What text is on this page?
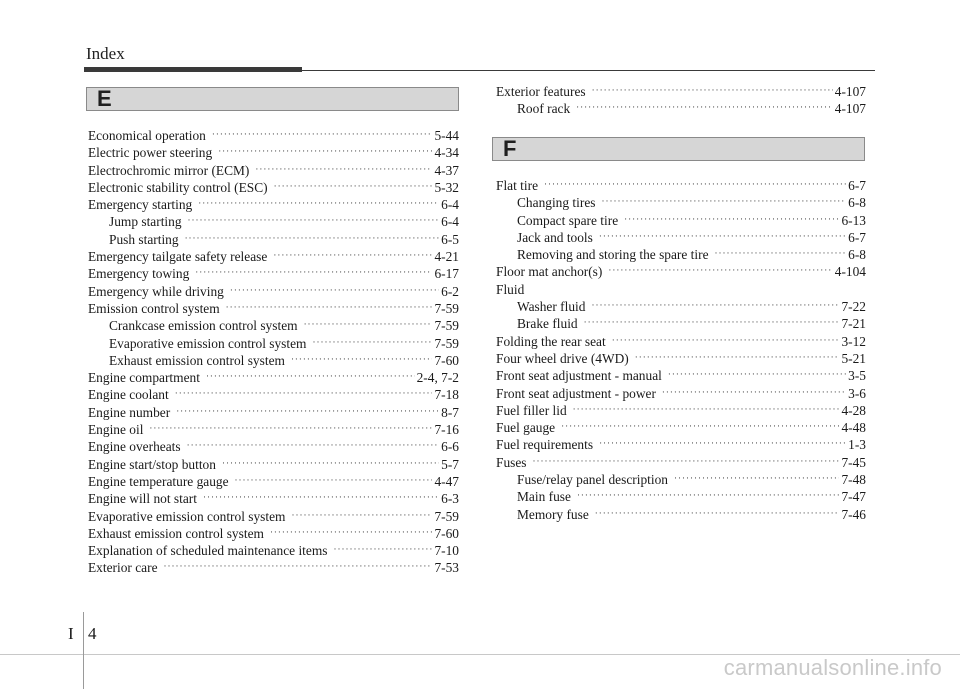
Index
E
Economical operation ·····	5-44
Electric power steering ·····	4-34
Electrochromic mirror (ECM) ·····	4-37
Electronic stability control (ESC) ·····	5-32
Emergency starting ·····	6-4
Jump starting ·····	6-4
Push starting ·····	6-5
Emergency tailgate safety release ·····	4-21
Emergency towing ·····	6-17
Emergency while driving ·····	6-2
Emission control system ·····	7-59
Crankcase emission control system ·····	7-59
Evaporative emission control system ·····	7-59
Exhaust emission control system ·····	7-60
Engine compartment ·····	2-4, 7-2
Engine coolant ·····	7-18
Engine number ·····	8-7
Engine oil ·····	7-16
Engine overheats ·····	6-6
Engine start/stop button ·····	5-7
Engine temperature gauge ·····	4-47
Engine will not start ·····	6-3
Evaporative emission control system ·····	7-59
Exhaust emission control system ·····	7-60
Explanation of scheduled maintenance items ·····	7-10
Exterior care ·····	7-53
Exterior features ·····	4-107
Roof rack ·····	4-107
F
Flat tire ·····	6-7
Changing tires ·····	6-8
Compact spare tire ·····	6-13
Jack and tools ·····	6-7
Removing and storing the spare tire ·····	6-8
Floor mat anchor(s) ·····	4-104
Fluid
Washer fluid ·····	7-22
Brake fluid ·····	7-21
Folding the rear seat ·····	3-12
Four wheel drive (4WD) ·····	5-21
Front seat adjustment - manual ·····	3-5
Front seat adjustment - power ·····	3-6
Fuel filler lid ·····	4-28
Fuel gauge ·····	4-48
Fuel requirements ·····	1-3
Fuses ·····	7-45
Fuse/relay panel description ·····	7-48
Main fuse ·····	7-47
Memory fuse ·····	7-46
I 4
carmanualsonline.info
